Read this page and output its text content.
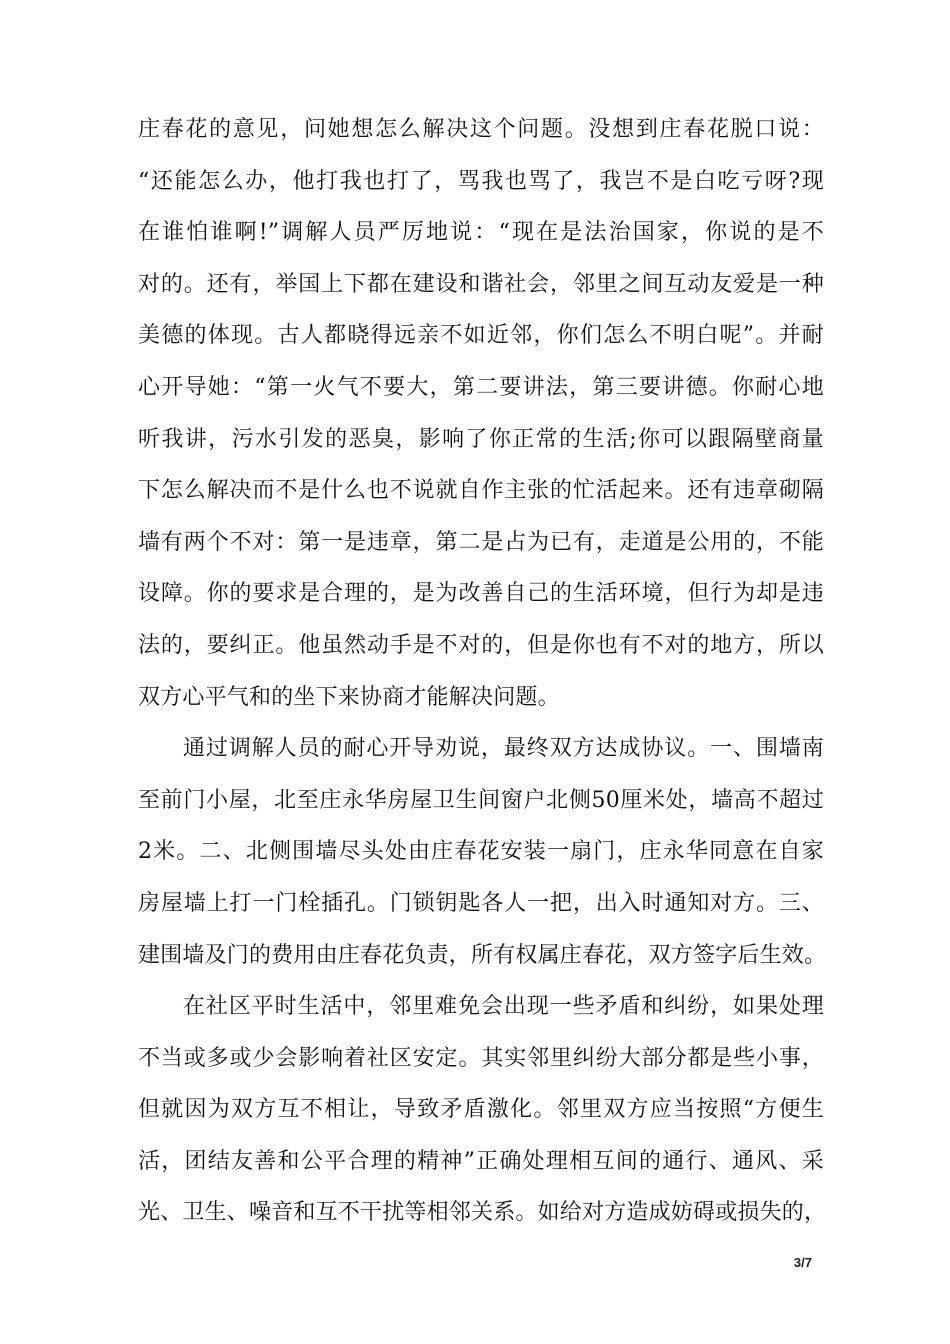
庄春花的意见，问她想怎么解决这个问题。没想到庄春花脱口说：
“还能怎么办，他打我也打了，骂我也骂了，我岂不是白吃亏呀?现
在谁怕谁啊!”调解人员严厉地说：“现在是法治国家，你说的是不
对的。还有，举国上下都在建设和谐社会，邻里之间互动友爱是一种
美德的体现。古人都晓得远亲不如近邻，你们怎么不明白呢”。并耐
心开导她：“第一火气不要大，第二要讲法，第三要讲德。你耐心地
听我讲，污水引发的恶臭，影响了你正常的生活;你可以跟隔壁商量
下怎么解决而不是什么也不说就自作主张的忙活起来。还有违章砌隔
墙有两个不对：第一是违章，第二是占为已有，走道是公用的，不能
设障。你的要求是合理的，是为改善自己的生活环境，但行为却是违
法的，要纠正。他虽然动手是不对的，但是你也有不对的地方，所以
双方心平气和的坐下来协商才能解决问题。
通过调解人员的耐心开导劝说，最终双方达成协议。一、围墙南
至前门小屋，北至庄永华房屋卫生间窗户北侧50厘米处，墙高不超过
2米。二、北侧围墙尽头处由庄春花安装一扇门，庄永华同意在自家
房屋墙上打一门栓插孔。门锁钥匙各人一把，出入时通知对方。三、
建围墙及门的费用由庄春花负责，所有权属庄春花，双方签字后生效。
在社区平时生活中，邻里难免会出现一些矛盾和纠纷，如果处理
不当或多或少会影响着社区安定。其实邻里纠纷大部分都是些小事，
但就因为双方互不相让，导致矛盾激化。邻里双方应当按照“方便生
活，团结友善和公平合理的精神”正确处理相互间的通行、通风、采
光、卫生、噪音和互不干扰等相邻关系。如给对方造成妨碍或损失的，
3/7
